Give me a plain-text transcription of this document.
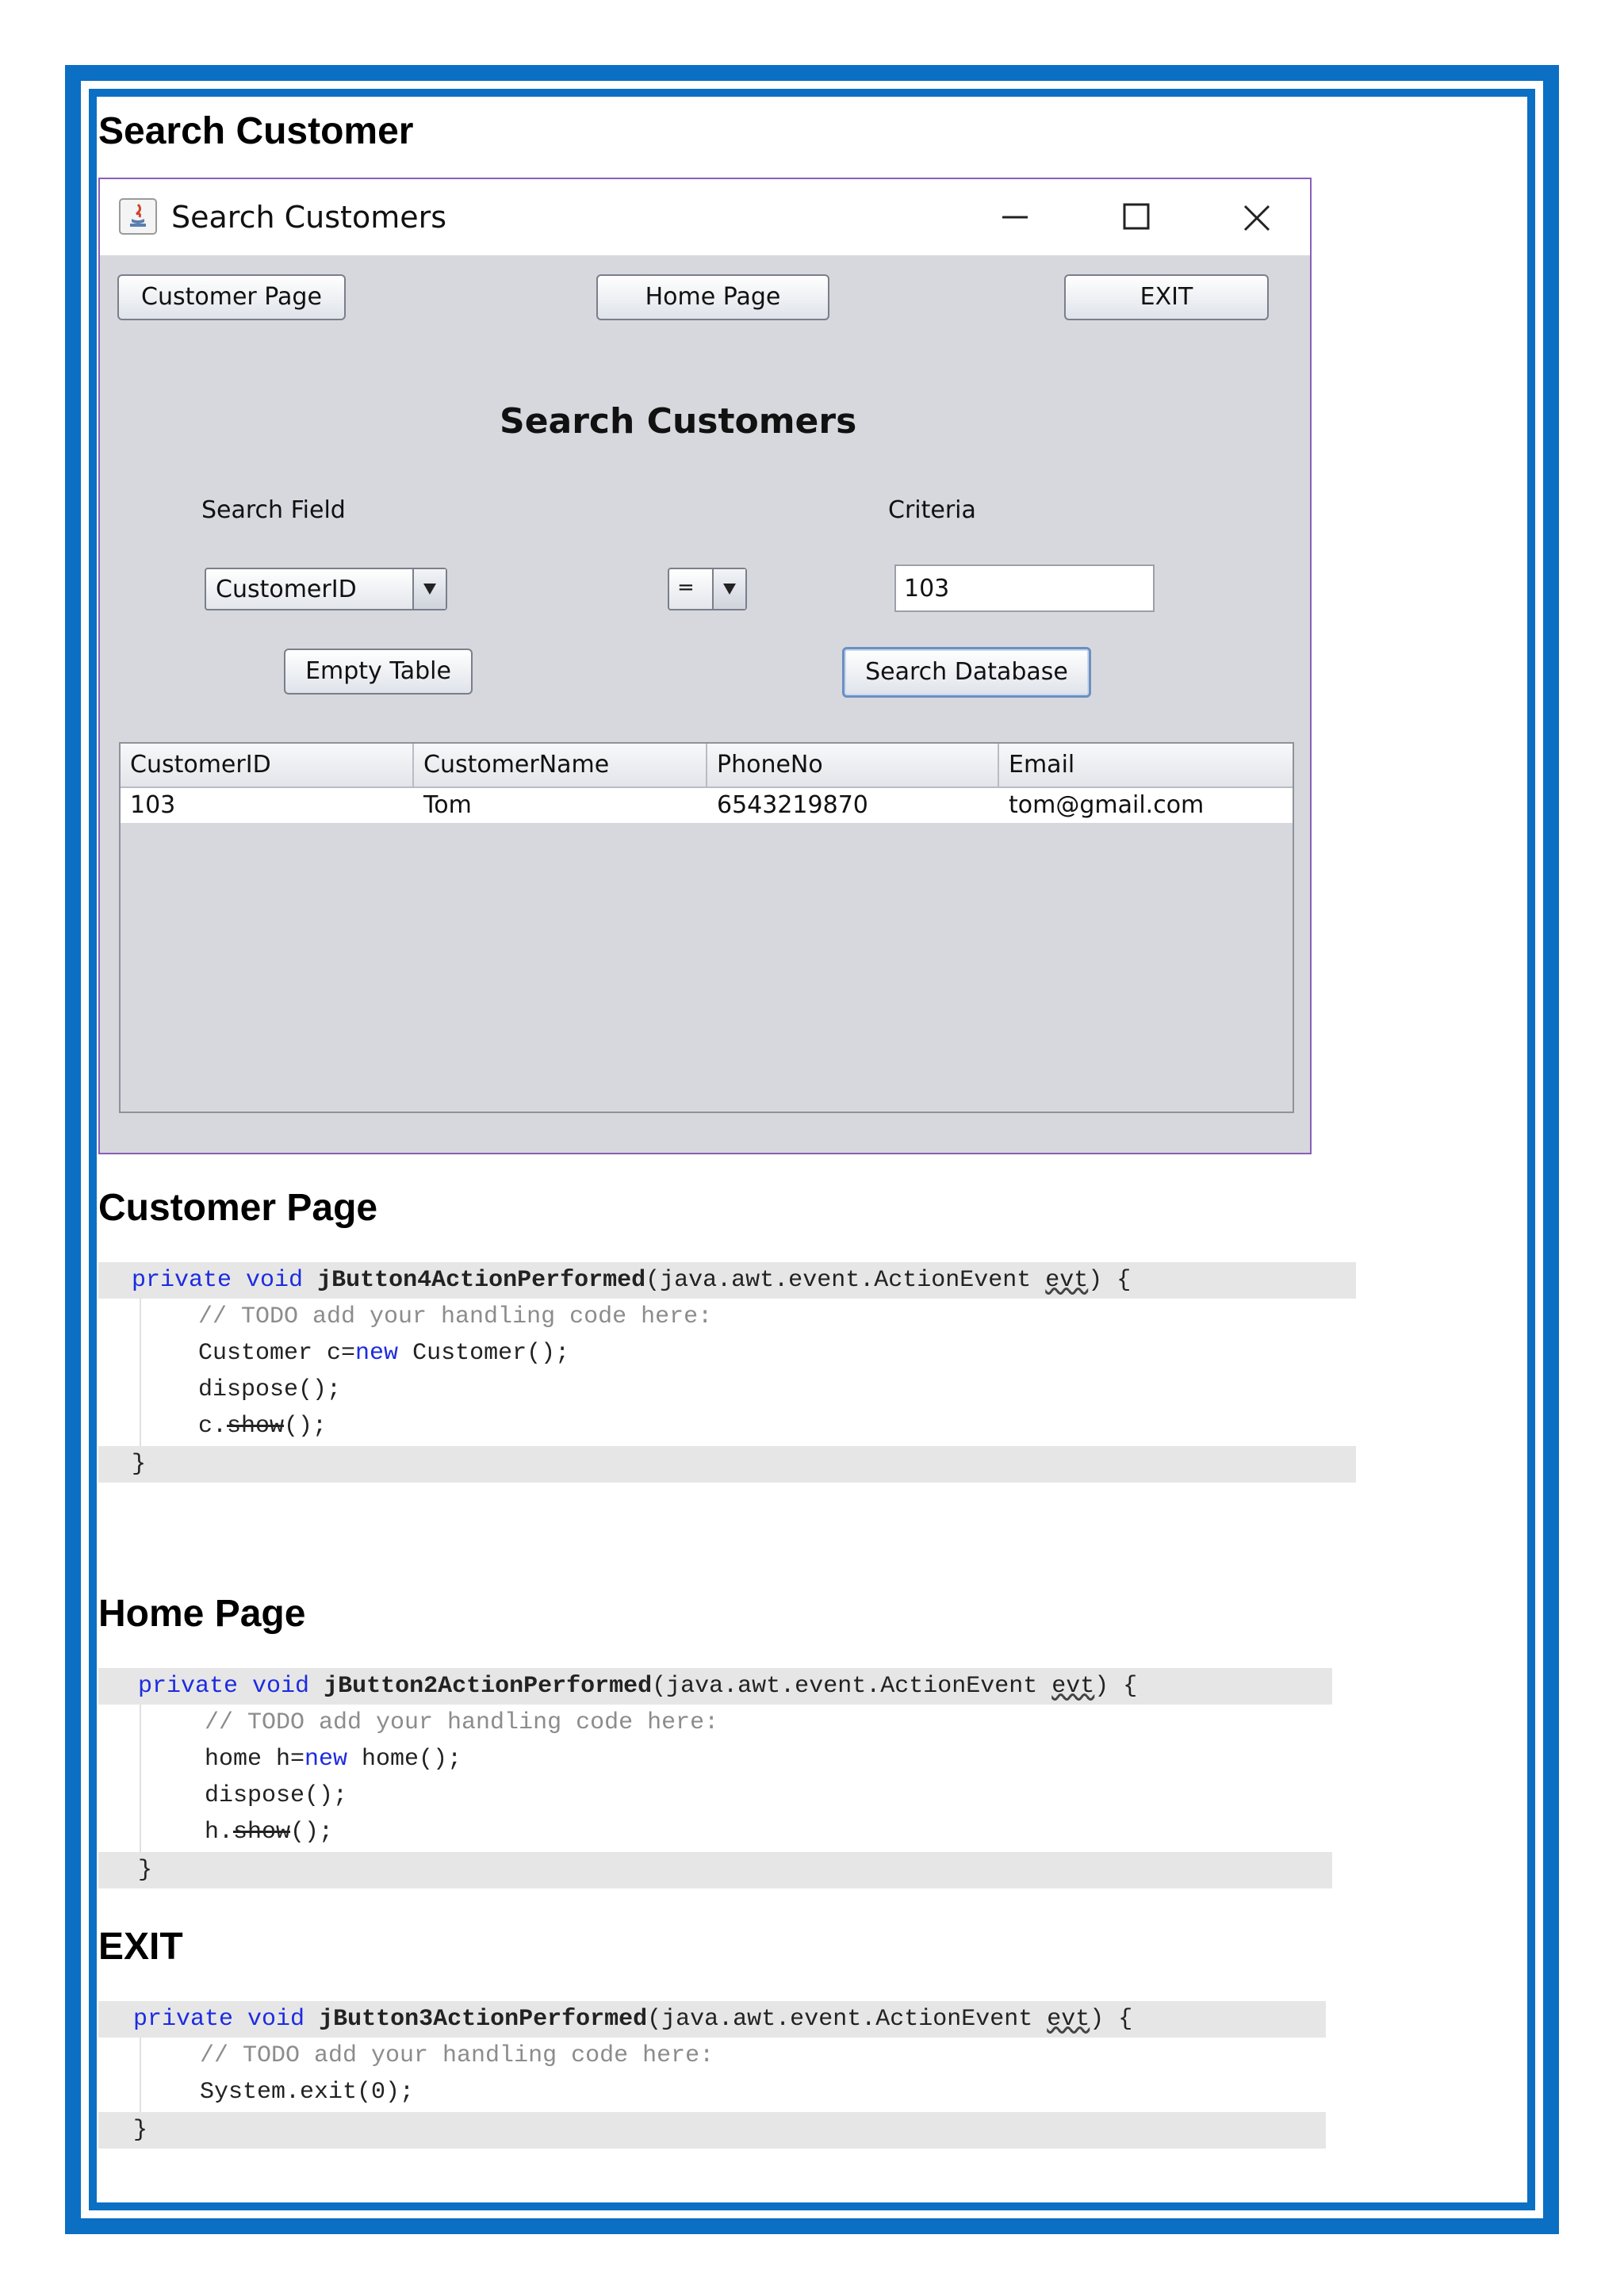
Search Customer
Search Customers
Customer Page	Home Page	EXIT
Search Customers
Search Field	Criteria
CustomerID	=
103
Empty Table	Search Database
CustomerID	CustomerName	PhoneNo	Email
103	Tom	6543219870	tom@gmail.com
Customer Page
private void jButton4ActionPerformed(java.awt.event.ActionEvent evt) {
// TODO add your handling code here:
Customer c=new Customer();
dispose();
c.show();
}
Home Page
private void jButton2ActionPerformed(java.awt.event.ActionEvent evt) {
// TODO add your handling code here:
home h=new home();
dispose();
h.show();
}
EXIT
private void jButton3ActionPerformed(java.awt.event.ActionEvent evt) {
// TODO add your handling code here:
System.exit(0);
}
